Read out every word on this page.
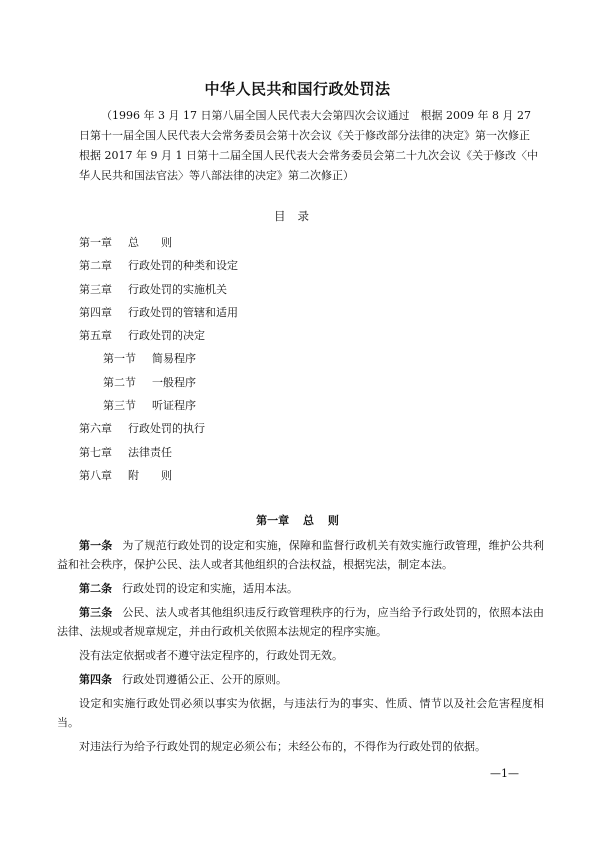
中华人民共和国行政处罚法

（1996 年 3 月 17 日第八届全国人民代表大会第四次会议通过　根据 2009 年 8 月 27 日第十一届全国人民代表大会常务委员会第十次会议《关于修改部分法律的决定》第一次修正　根据 2017 年 9 月 1 日第十二届全国人民代表大会常务委员会第二十九次会议《关于修改〈中华人民共和国法官法〉等八部法律的决定》第二次修正）

目录
第一章 总　　则
第二章 行政处罚的种类和设定
第三章 行政处罚的实施机关
第四章 行政处罚的管辖和适用
第五章 行政处罚的决定
第一节 简易程序
第二节 一般程序
第三节 听证程序
第六章 行政处罚的执行
第七章 法律责任
第八章 附　　则
第一章 总 则

第一条 为了规范行政处罚的设定和实施，保障和监督行政机关有效实施行政管理，维护公共利益和社会秩序，保护公民、法人或者其他组织的合法权益，根据宪法，制定本法。

第二条 行政处罚的设定和实施，适用本法。

第三条 公民、法人或者其他组织违反行政管理秩序的行为，应当给予行政处罚的，依照本法由法律、法规或者规章规定，并由行政机关依照本法规定的程序实施。

没有法定依据或者不遵守法定程序的，行政处罚无效。

第四条 行政处罚遵循公正、公开的原则。

设定和实施行政处罚必须以事实为依据，与违法行为的事实、性质、情节以及社会危害程度相当。

对违法行为给予行政处罚的规定必须公布；未经公布的，不得作为行政处罚的依据。

—1—
